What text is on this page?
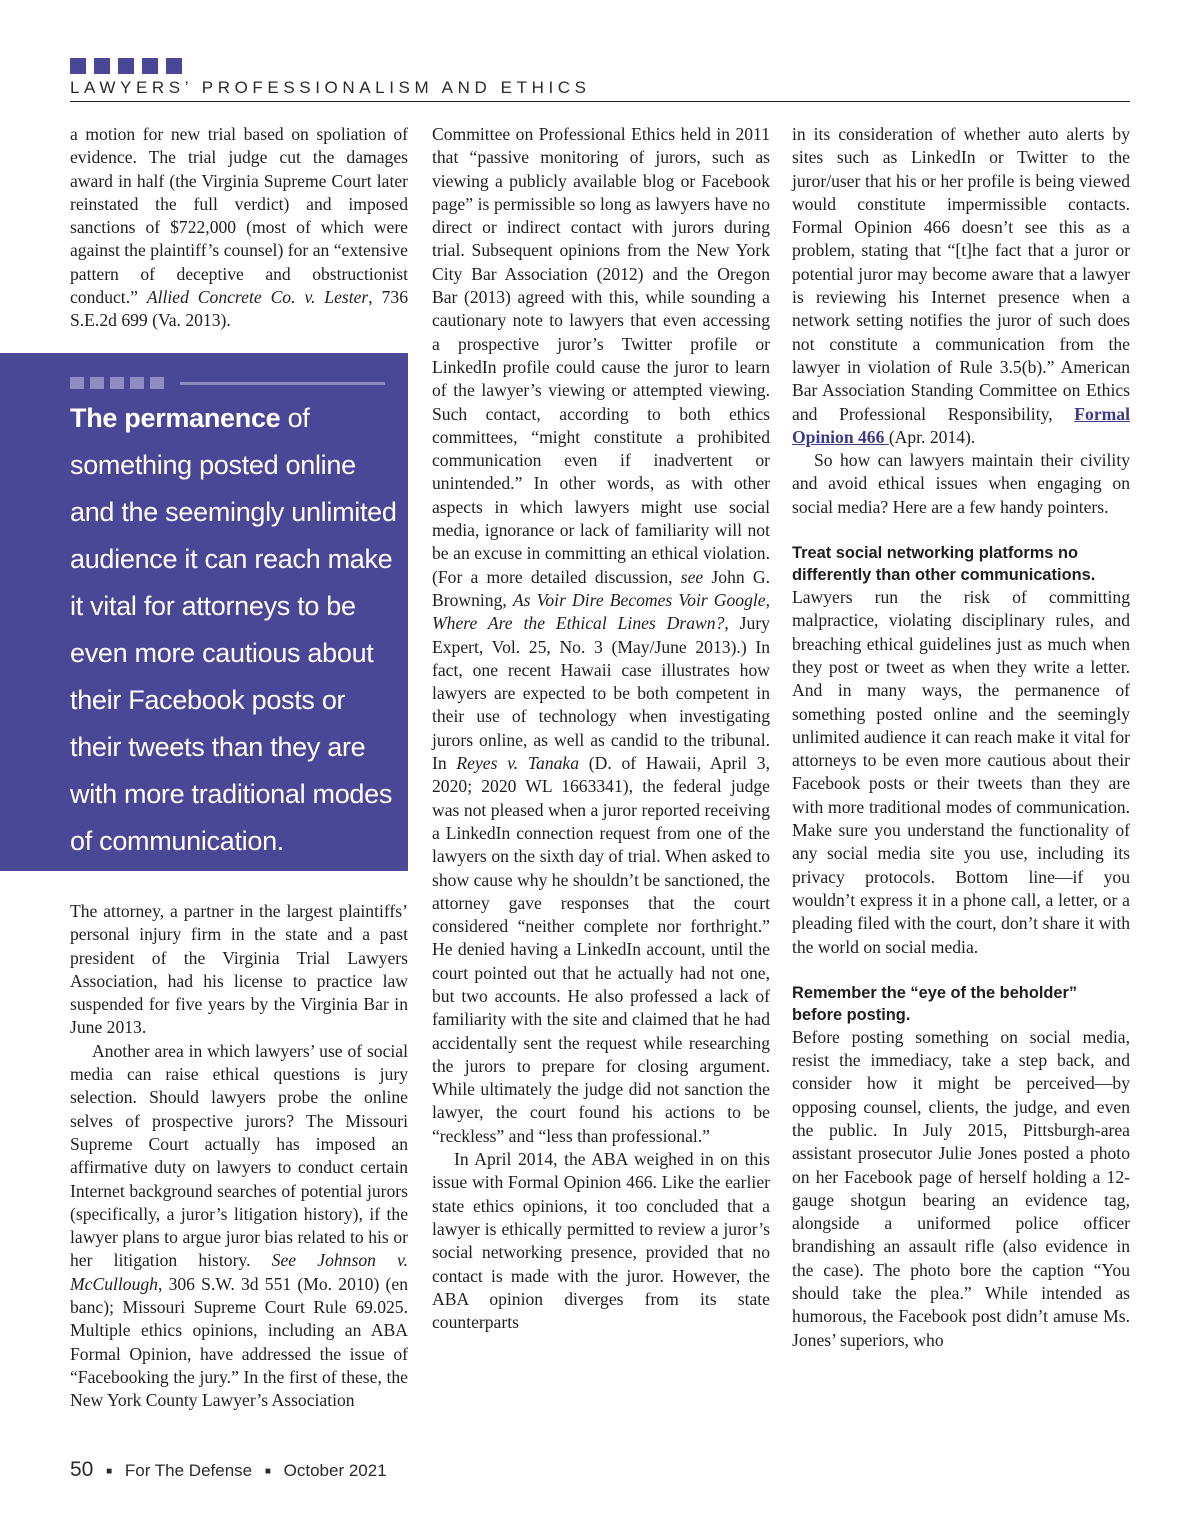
LAWYERS’ PROFESSIONALISM AND ETHICS

a motion for new trial based on spoliation of evidence. The trial judge cut the damages award in half (the Virginia Supreme Court later reinstated the full verdict) and imposed sanctions of $722,000 (most of which were against the plaintiff’s counsel) for an “extensive pattern of deceptive and obstructionist conduct.” Allied Concrete Co. v. Lester, 736 S.E.2d 699 (Va. 2013).

The permanence of something posted online and the seemingly unlimited audience it can reach make it vital for attorneys to be even more cautious about their Facebook posts or their tweets than they are with more traditional modes of communication.

The attorney, a partner in the largest plaintiffs’ personal injury firm in the state and a past president of the Virginia Trial Lawyers Association, had his license to practice law suspended for five years by the Virginia Bar in June 2013.

Another area in which lawyers’ use of social media can raise ethical questions is jury selection. Should lawyers probe the online selves of prospective jurors? The Missouri Supreme Court actually has imposed an affirmative duty on lawyers to conduct certain Internet background searches of potential jurors (specifically, a juror’s litigation history), if the lawyer plans to argue juror bias related to his or her litigation history. See Johnson v. McCullough, 306 S.W. 3d 551 (Mo. 2010) (en banc); Missouri Supreme Court Rule 69.025. Multiple ethics opinions, including an ABA Formal Opinion, have addressed the issue of “Facebooking the jury.” In the first of these, the New York County Lawyer’s Association

Committee on Professional Ethics held in 2011 that “passive monitoring of jurors, such as viewing a publicly available blog or Facebook page” is permissible so long as lawyers have no direct or indirect contact with jurors during trial. Subsequent opinions from the New York City Bar Association (2012) and the Oregon Bar (2013) agreed with this, while sounding a cautionary note to lawyers that even accessing a prospective juror’s Twitter profile or LinkedIn profile could cause the juror to learn of the lawyer’s viewing or attempted viewing. Such contact, according to both ethics committees, “might constitute a prohibited communication even if inadvertent or unintended.” In other words, as with other aspects in which lawyers might use social media, ignorance or lack of familiarity will not be an excuse in committing an ethical violation. (For a more detailed discussion, see John G. Browning, As Voir Dire Becomes Voir Google, Where Are the Ethical Lines Drawn?, Jury Expert, Vol. 25, No. 3 (May/June 2013).) In fact, one recent Hawaii case illustrates how lawyers are expected to be both competent in their use of technology when investigating jurors online, as well as candid to the tribunal. In Reyes v. Tanaka (D. of Hawaii, April 3, 2020; 2020 WL 1663341), the federal judge was not pleased when a juror reported receiving a LinkedIn connection request from one of the lawyers on the sixth day of trial. When asked to show cause why he shouldn’t be sanctioned, the attorney gave responses that the court considered “neither complete nor forthright.” He denied having a LinkedIn account, until the court pointed out that he actually had not one, but two accounts. He also professed a lack of familiarity with the site and claimed that he had accidentally sent the request while researching the jurors to prepare for closing argument. While ultimately the judge did not sanction the lawyer, the court found his actions to be “reckless” and “less than professional.”

In April 2014, the ABA weighed in on this issue with Formal Opinion 466. Like the earlier state ethics opinions, it too concluded that a lawyer is ethically permitted to review a juror’s social networking presence, provided that no contact is made with the juror. However, the ABA opinion diverges from its state counterparts

in its consideration of whether auto alerts by sites such as LinkedIn or Twitter to the juror/user that his or her profile is being viewed would constitute impermissible contacts. Formal Opinion 466 doesn’t see this as a problem, stating that “[t]he fact that a juror or potential juror may become aware that a lawyer is reviewing his Internet presence when a network setting notifies the juror of such does not constitute a communication from the lawyer in violation of Rule 3.5(b).” American Bar Association Standing Committee on Ethics and Professional Responsibility, Formal Opinion 466 (Apr. 2014).

So how can lawyers maintain their civility and avoid ethical issues when engaging on social media? Here are a few handy pointers.

Treat social networking platforms no differently than other communications.

Lawyers run the risk of committing malpractice, violating disciplinary rules, and breaching ethical guidelines just as much when they post or tweet as when they write a letter. And in many ways, the permanence of something posted online and the seemingly unlimited audience it can reach make it vital for attorneys to be even more cautious about their Facebook posts or their tweets than they are with more traditional modes of communication. Make sure you understand the functionality of any social media site you use, including its privacy protocols. Bottom line—if you wouldn’t express it in a phone call, a letter, or a pleading filed with the court, don’t share it with the world on social media.

Remember the “eye of the beholder” before posting.

Before posting something on social media, resist the immediacy, take a step back, and consider how it might be perceived—by opposing counsel, clients, the judge, and even the public. In July 2015, Pittsburgh-area assistant prosecutor Julie Jones posted a photo on her Facebook page of herself holding a 12-gauge shotgun bearing an evidence tag, alongside a uniformed police officer brandishing an assault rifle (also evidence in the case). The photo bore the caption “You should take the plea.” While intended as humorous, the Facebook post didn’t amuse Ms. Jones’ superiors, who

50 ■ For The Defense ■ October 2021
